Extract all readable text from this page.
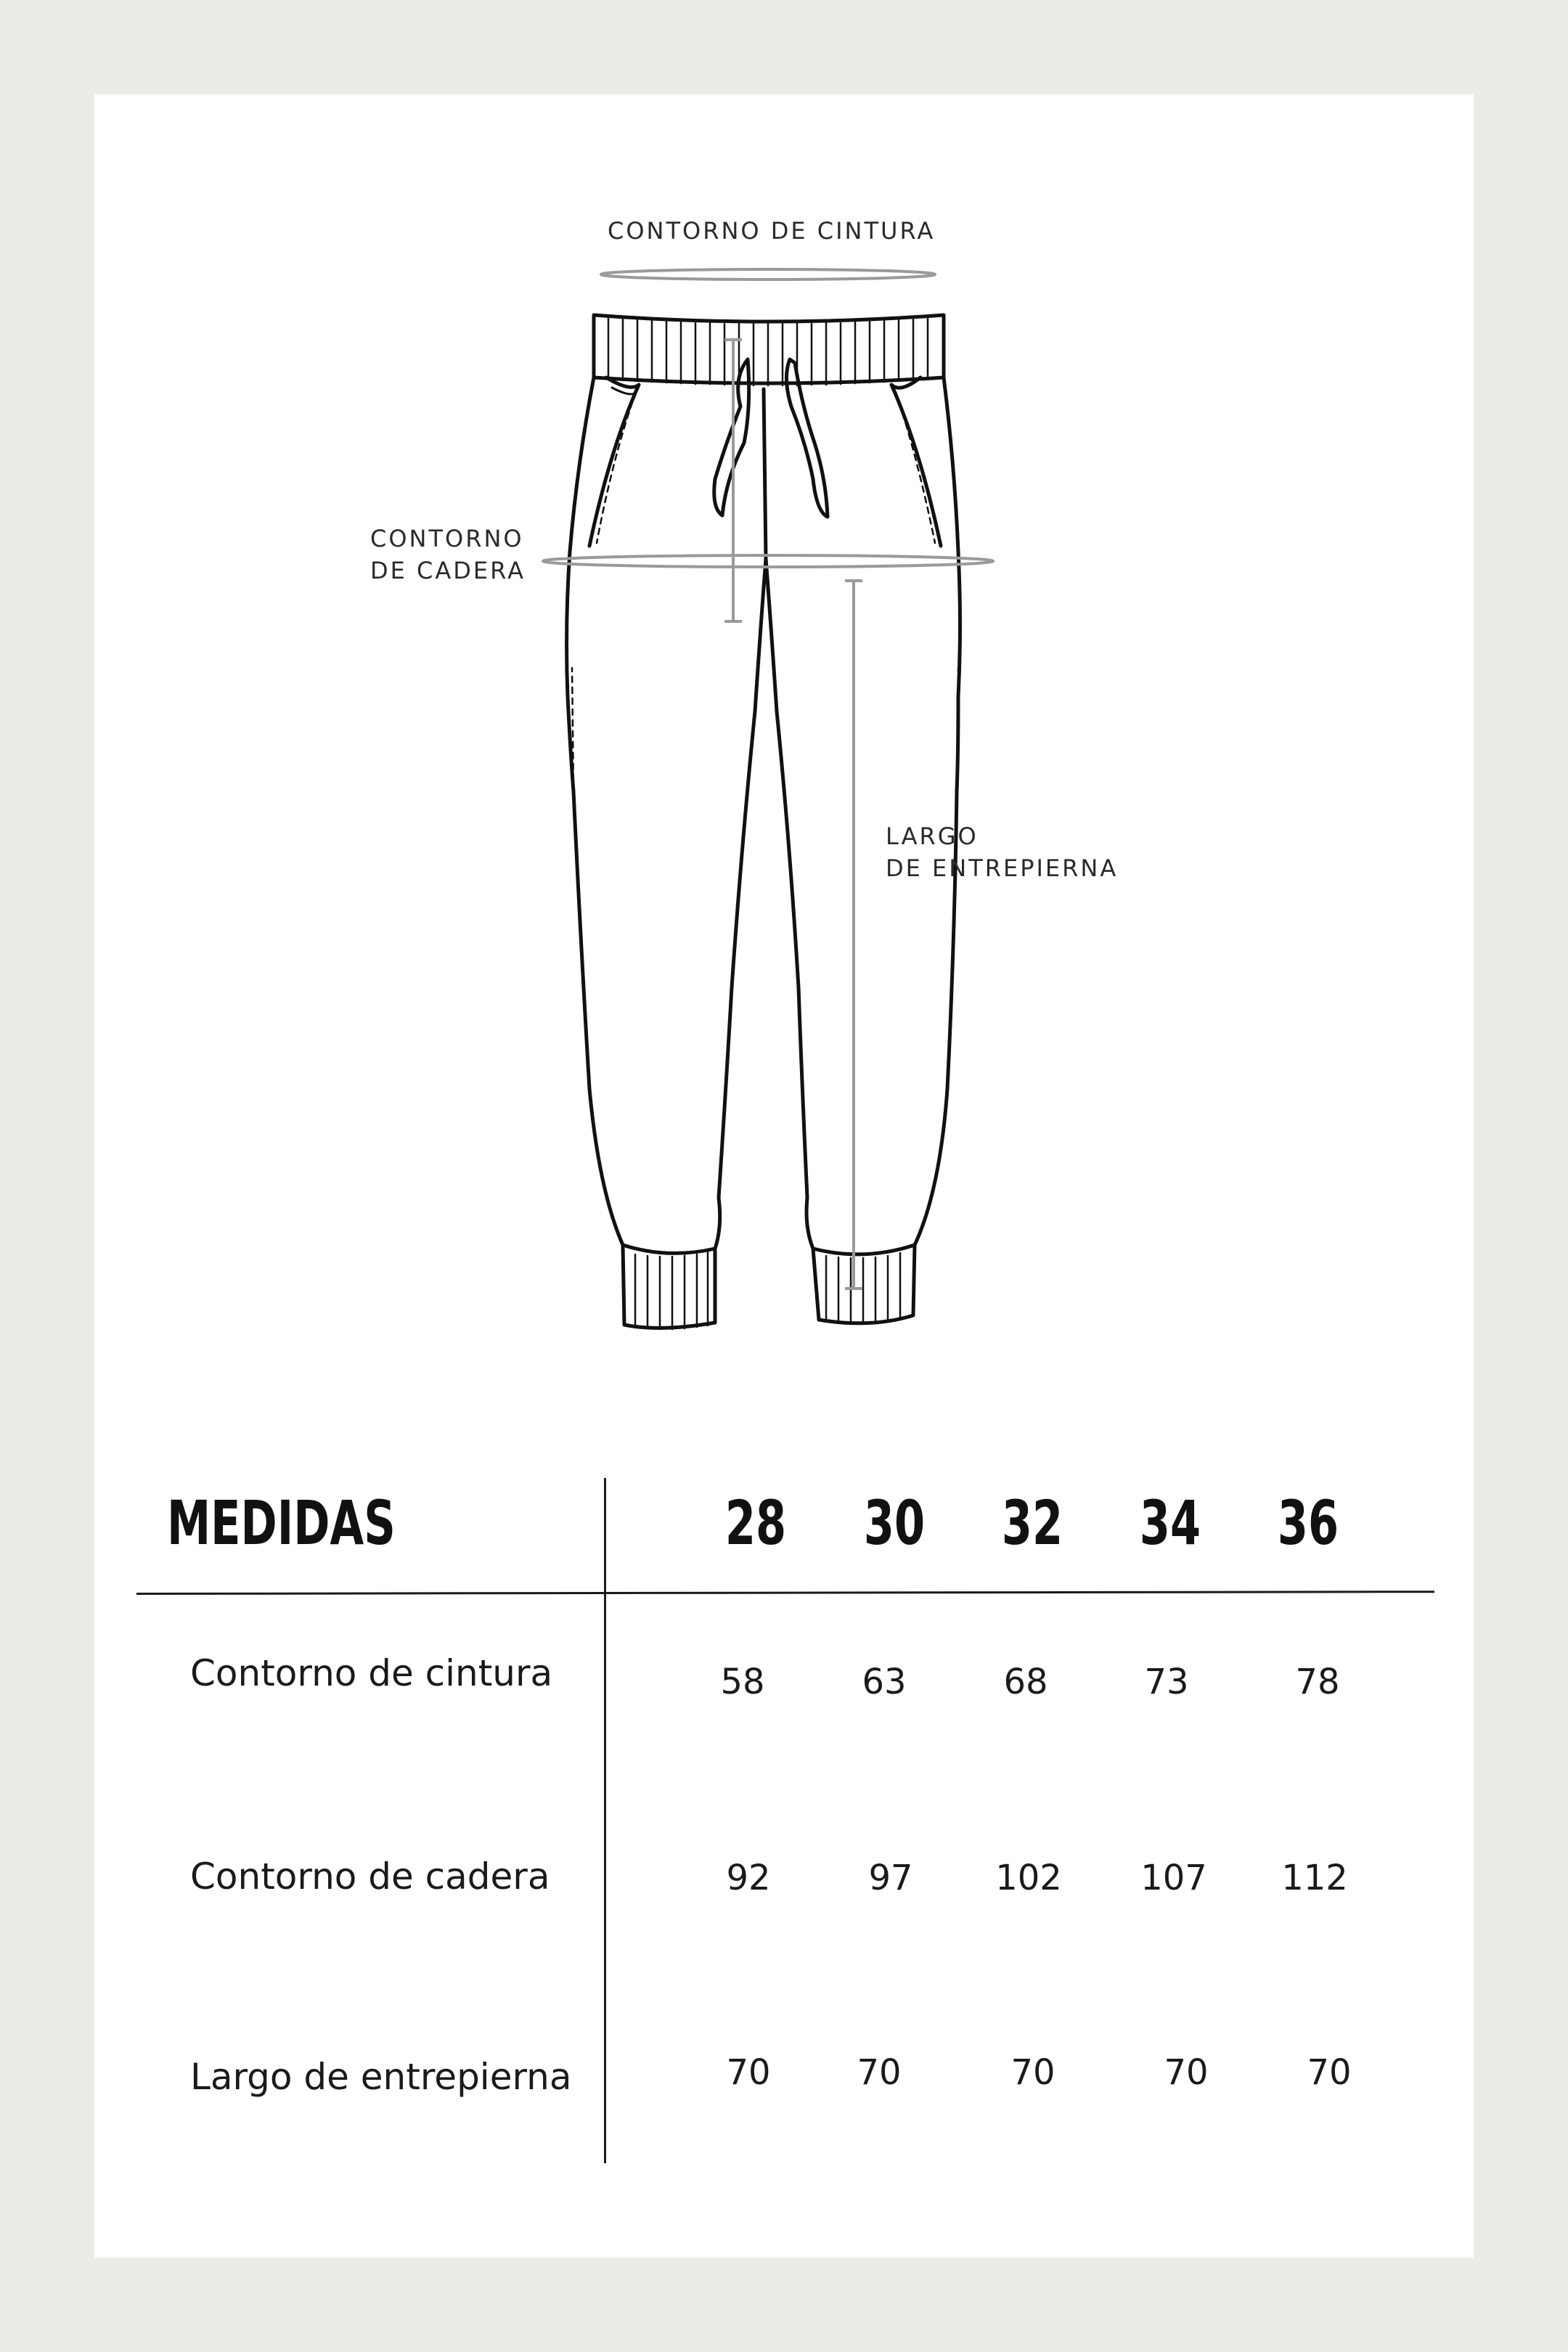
CONTORNO DE CINTURA
CONTORNO
DE CADERA
LARGO
DE ENTREPIERNA
MEDIDAS	28 30 32 34 36
Contorno de cintura	58	63	68	73	78
Contorno de cadera	92	97	102	107	112
Largo de entrepierna	70	70	70	70	70
